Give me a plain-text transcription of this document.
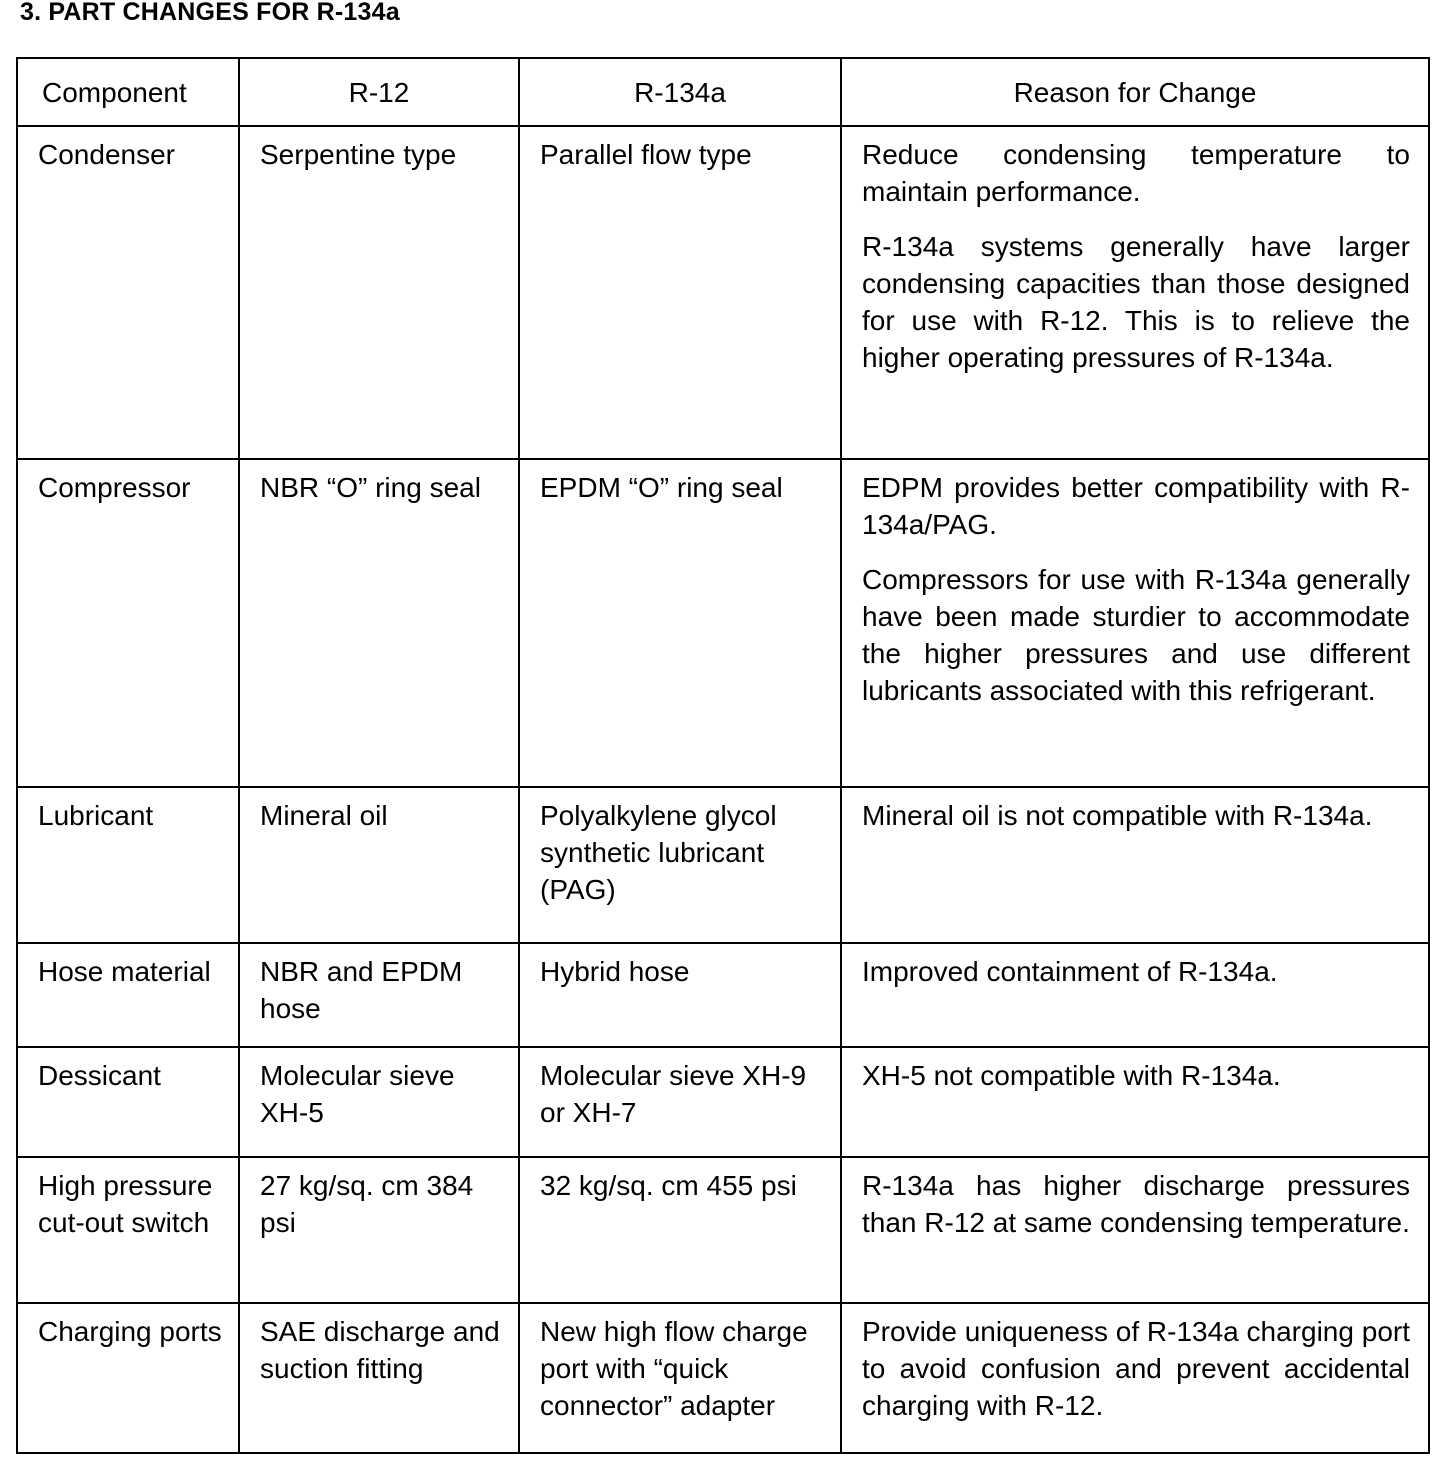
3. PART CHANGES FOR R-134a
Component	R-12	R-134a	Reason for Change
Condenser	Serpentine type	Parallel flow type	Reduce condensing temperature to maintain performance.

R-134a systems generally have larger condensing capacities than those designed for use with R-12. This is to relieve the higher operating pressures of R-134a.

Compressor	NBR “O” ring seal	EPDM “O” ring seal	EDPM provides better compatibility with R-134a/PAG.

Compressors for use with R-134a generally have been made sturdier to accommodate the higher pressures and use different lubricants associated with this refrigerant.

Lubricant	Mineral oil	Polyalkylene glycol synthetic lubricant (PAG)	Mineral oil is not compatible with R-134a.

Hose material	NBR and EPDM hose	Hybrid hose	Improved containment of R-134a.

Dessicant	Molecular sieve XH-5	Molecular sieve XH-9 or XH-7	XH-5 not compatible with R-134a.

High pressure cut-out switch	27 kg/sq. cm 384 psi	32 kg/sq. cm 455 psi	R-134a has higher discharge pressures than R-12 at same condensing temperature.

Charging ports	SAE discharge and suction fitting	New high flow charge port with “quick connector” adapter	Provide uniqueness of R-134a charging port to avoid confusion and prevent accidental charging with R-12.
